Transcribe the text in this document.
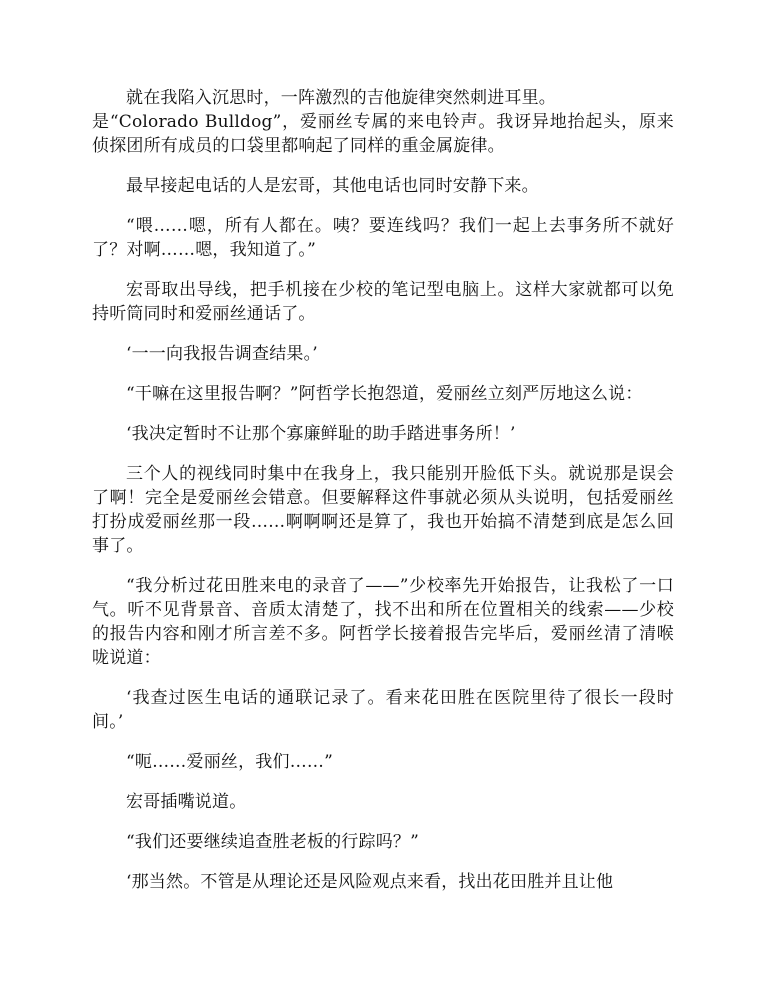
就在我陷入沉思时，一阵激烈的吉他旋律突然刺进耳里。

是“Colorado Bulldog”，爱丽丝专属的来电铃声。我讶异地抬起头，原来侦探团所有成员的口袋里都响起了同样的重金属旋律。

最早接起电话的人是宏哥，其他电话也同时安静下来。

“喂……嗯，所有人都在。咦？要连线吗？我们一起上去事务所不就好了？对啊……嗯，我知道了。”

宏哥取出导线，把手机接在少校的笔记型电脑上。这样大家就都可以免持听筒同时和爱丽丝通话了。

‘一一向我报告调查结果。’

“干嘛在这里报告啊？”阿哲学长抱怨道，爱丽丝立刻严厉地这么说：

‘我决定暂时不让那个寡廉鲜耻的助手踏进事务所！’

三个人的视线同时集中在我身上，我只能别开脸低下头。就说那是误会了啊！完全是爱丽丝会错意。但要解释这件事就必须从头说明，包括爱丽丝打扮成爱丽丝那一段……啊啊啊还是算了，我也开始搞不清楚到底是怎么回事了。

“我分析过花田胜来电的录音了——”少校率先开始报告，让我松了一口气。听不见背景音、音质太清楚了，找不出和所在位置相关的线索——少校的报告内容和刚才所言差不多。阿哲学长接着报告完毕后，爱丽丝清了清喉咙说道：

‘我查过医生电话的通联记录了。看来花田胜在医院里待了很长一段时间。’

“呃……爱丽丝，我们……”

宏哥插嘴说道。

“我们还要继续追查胜老板的行踪吗？”

‘那当然。不管是从理论还是风险观点来看，找出花田胜并且让他
